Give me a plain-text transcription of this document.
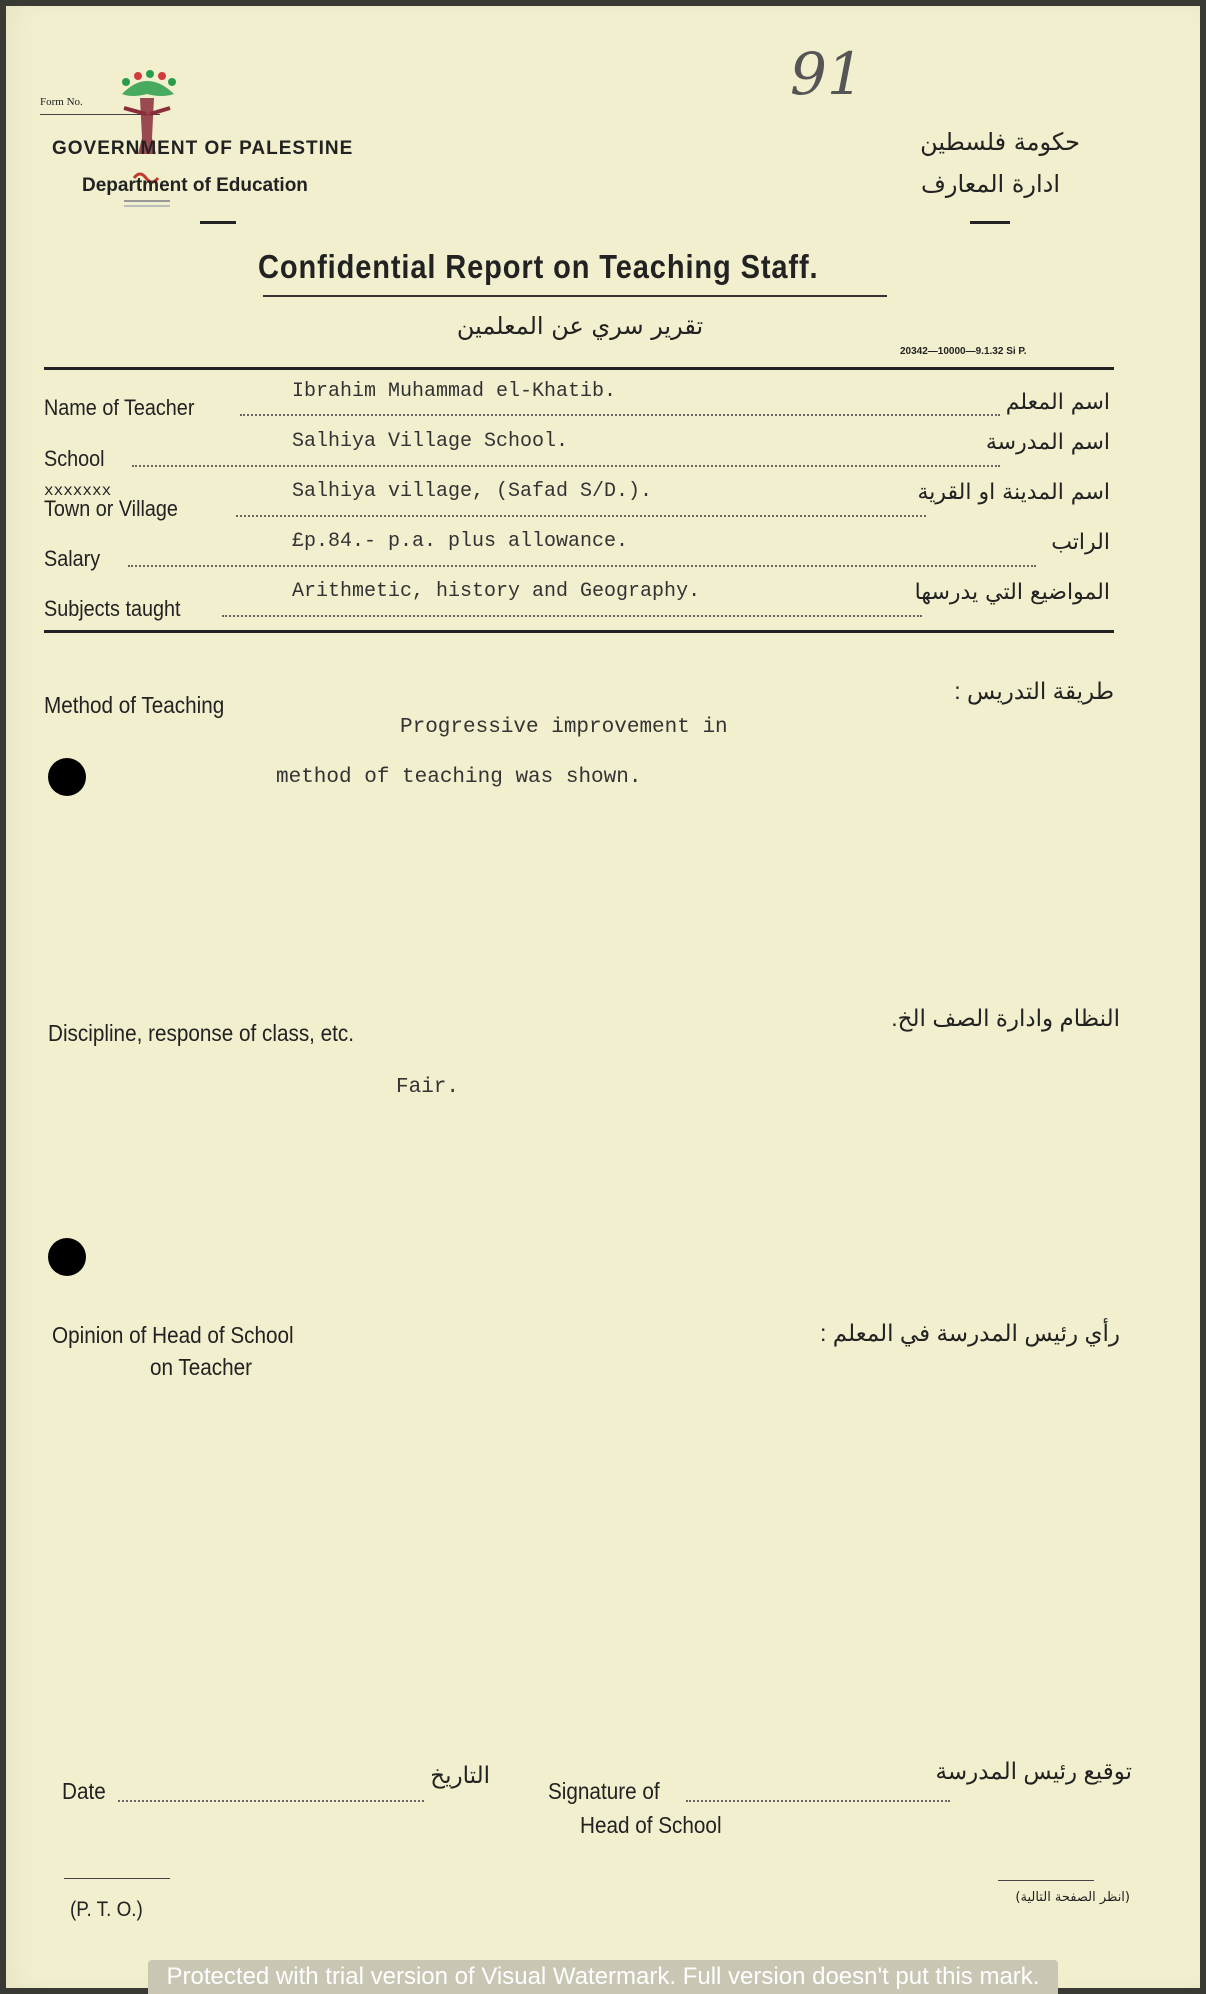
Form No.
GOVERNMENT OF PALESTINE
Department of Education
91
حكومة فلسطين
ادارة المعارف
Confidential Report on Teaching Staff.
تقرير سري عن المعلمين
20342—10000—9.1.32 Si P.
Name of Teacher
Ibrahim Muhammad el-Khatib.	اسم المعلم
School
Salhiya Village School.	اسم المدرسة
xxxxxxx
Town or Village
Salhiya village, (Safad S/D.).	اسم المدينة او القرية
Salary
£p.84.- p.a. plus allowance.	الراتب
Subjects taught
Arithmetic, history and Geography.	المواضيع التي يدرسها
Method of Teaching
طريقة التدريس :
Progressive improvement in
method of teaching was shown.
Discipline, response of class, etc.
النظام وادارة الصف الخ.
Fair.
Opinion of Head of School
on Teacher
رأي رئيس المدرسة في المعلم :
Date
التاريخ
Signature of
Head of School
توقيع رئيس المدرسة
(P. T. O.)
(انظر الصفحة التالية)
Protected with trial version of Visual Watermark. Full version doesn't put this mark.
